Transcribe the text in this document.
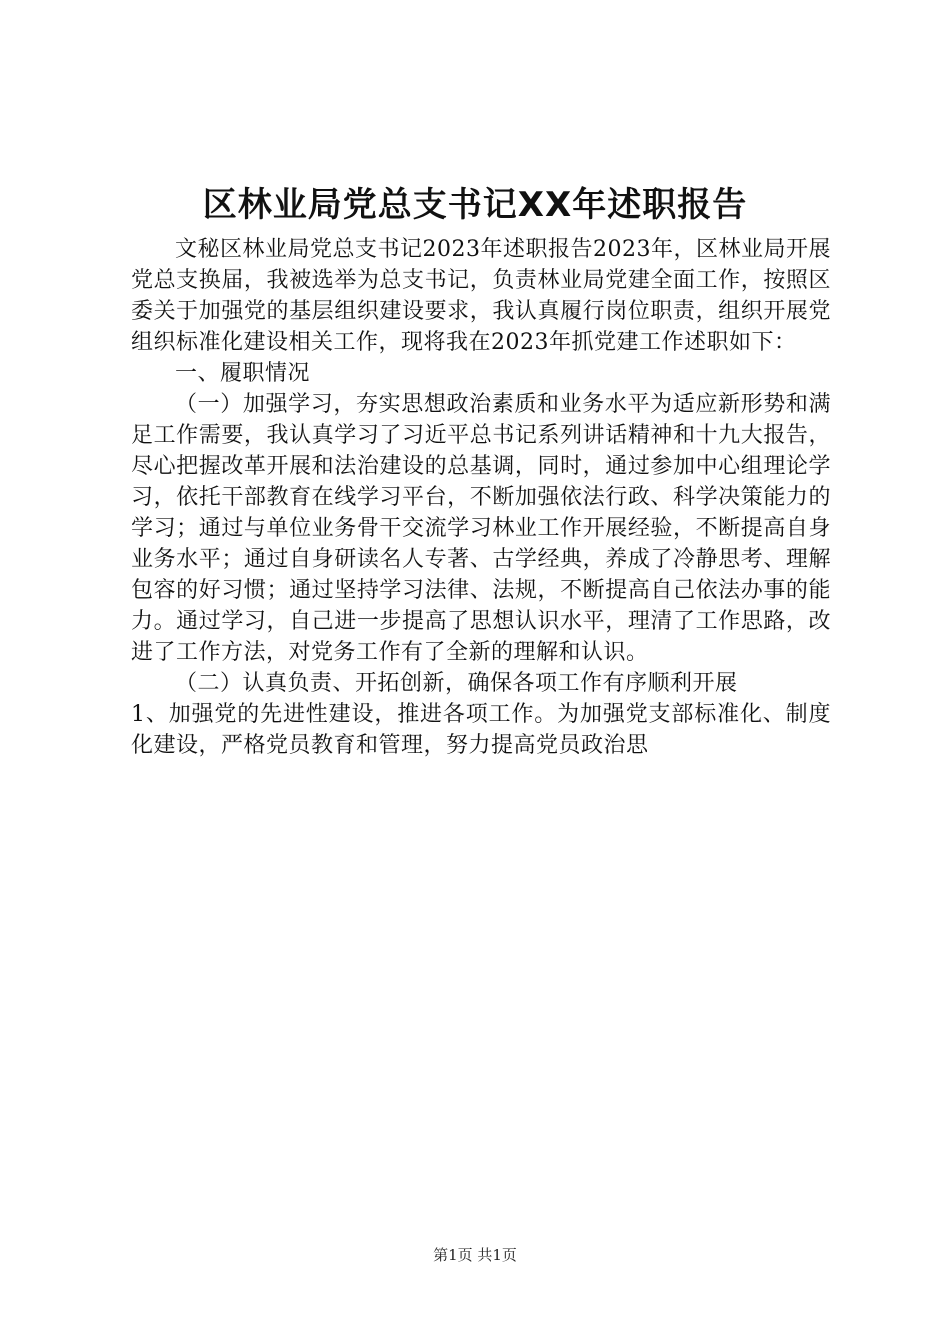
区林业局党总支书记XX年述职报告

文秘区林业局党总支书记2023年述职报告2023年，区林业局开展党总支换届，我被选举为总支书记，负责林业局党建全面工作，按照区委关于加强党的基层组织建设要求，我认真履行岗位职责，组织开展党组织标准化建设相关工作，现将我在2023年抓党建工作述职如下：

一、履职情况

（一）加强学习，夯实思想政治素质和业务水平为适应新形势和满足工作需要，我认真学习了习近平总书记系列讲话精神和十九大报告，尽心把握改革开展和法治建设的总基调，同时，通过参加中心组理论学习，依托干部教育在线学习平台，不断加强依法行政、科学决策能力的学习；通过与单位业务骨干交流学习林业工作开展经验，不断提高自身业务水平；通过自身研读名人专著、古学经典，养成了冷静思考、理解包容的好习惯；通过坚持学习法律、法规，不断提高自己依法办事的能力。通过学习，自己进一步提高了思想认识水平，理清了工作思路，改进了工作方法，对党务工作有了全新的理解和认识。

（二）认真负责、开拓创新，确保各项工作有序顺利开展

1、加强党的先进性建设，推进各项工作。为加强党支部标准化、制度化建设，严格党员教育和管理，努力提高党员政治思

第1页 共1页
